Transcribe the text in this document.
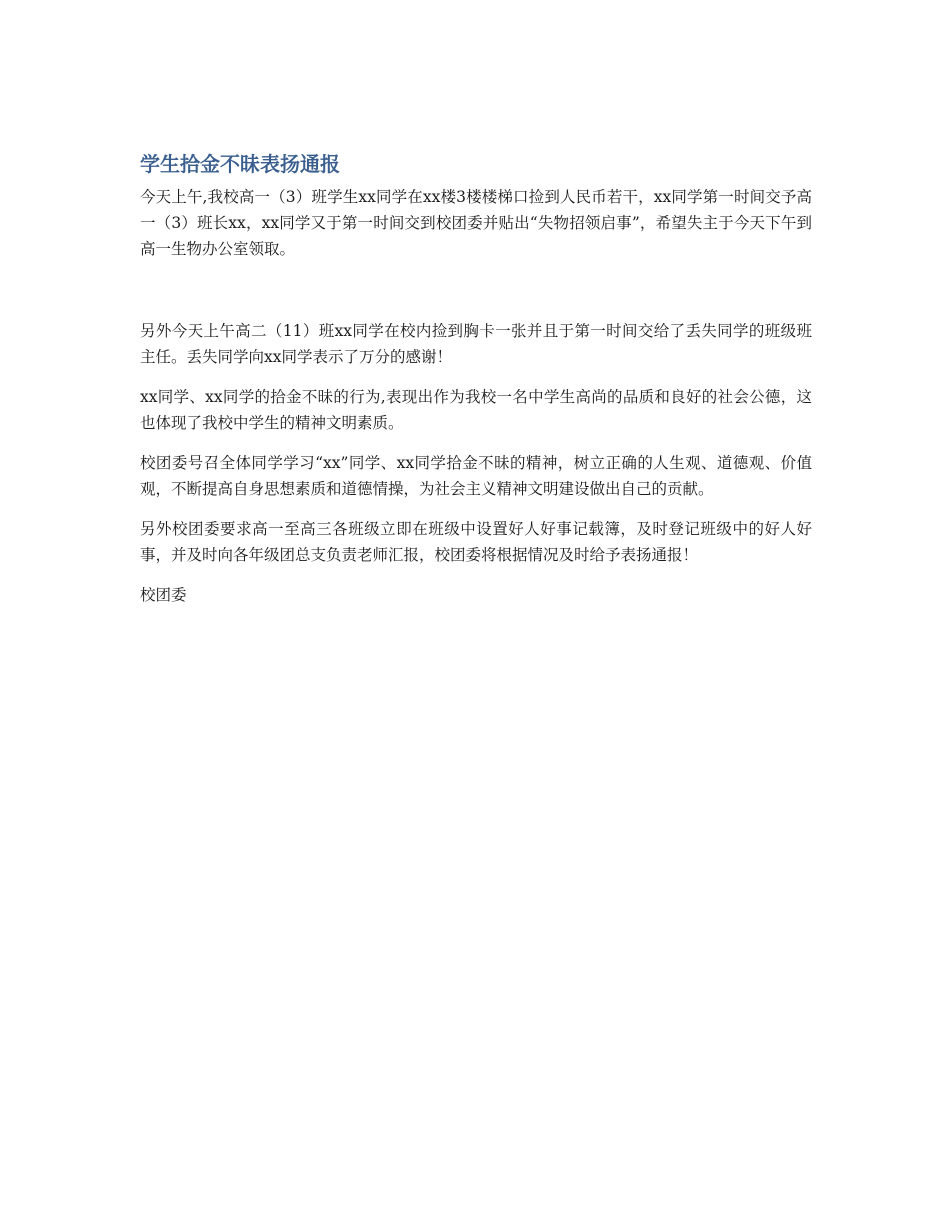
学生拾金不昧表扬通报

今天上午,我校高一（3）班学生xx同学在xx楼3楼楼梯口捡到人民币若干，xx同学第一时间交予高一（3）班长xx，xx同学又于第一时间交到校团委并贴出“失物招领启事”，希望失主于今天下午到高一生物办公室领取。

另外今天上午高二（11）班xx同学在校内捡到胸卡一张并且于第一时间交给了丢失同学的班级班主任。丢失同学向xx同学表示了万分的感谢！

xx同学、xx同学的拾金不昧的行为,表现出作为我校一名中学生高尚的品质和良好的社会公德，这也体现了我校中学生的精神文明素质。

校团委号召全体同学学习“xx”同学、xx同学拾金不昧的精神，树立正确的人生观、道德观、价值观，不断提高自身思想素质和道德情操，为社会主义精神文明建设做出自己的贡献。

另外校团委要求高一至高三各班级立即在班级中设置好人好事记载簿，及时登记班级中的好人好事，并及时向各年级团总支负责老师汇报，校团委将根据情况及时给予表扬通报！

校团委
